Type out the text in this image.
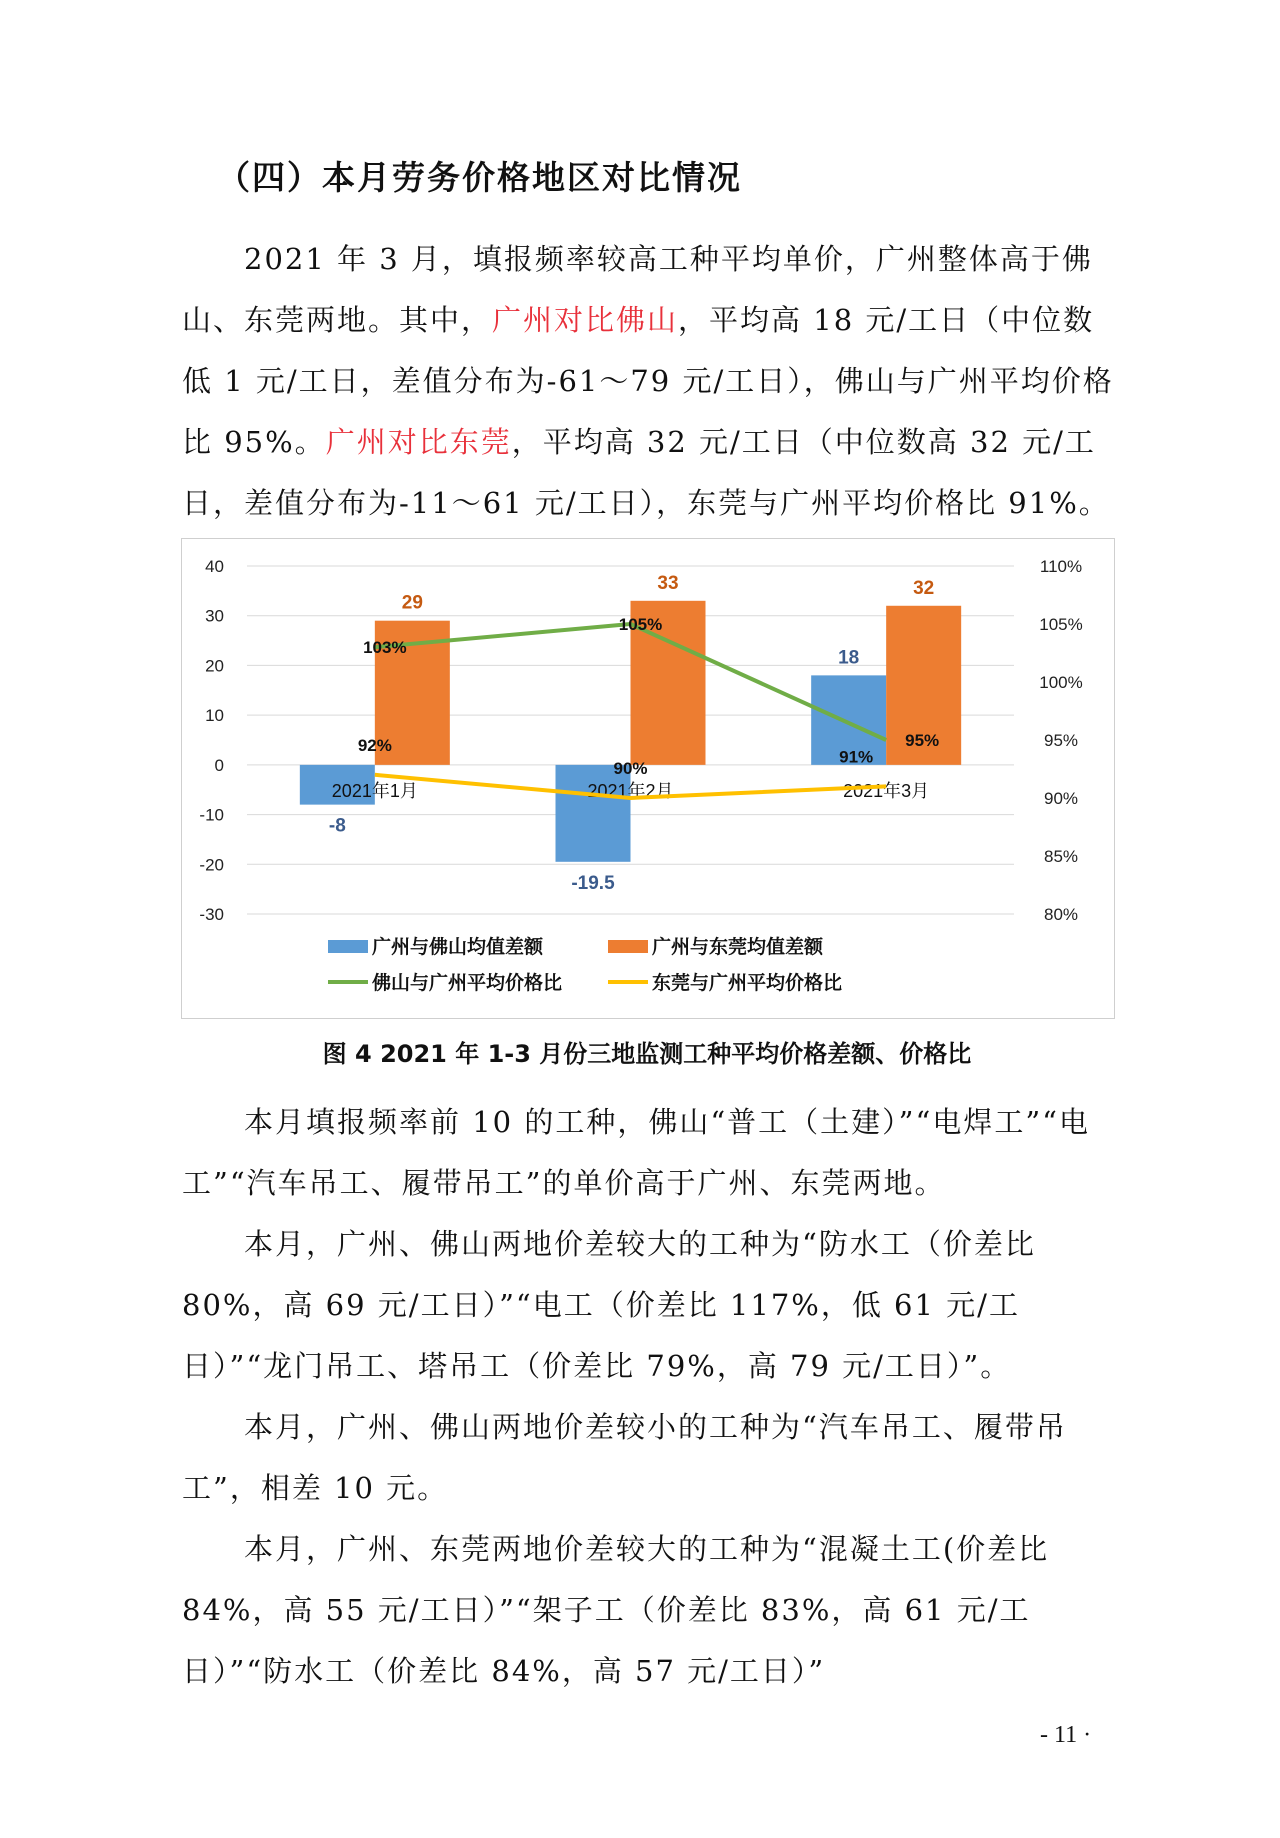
（四）本月劳务价格地区对比情况

2021 年 3 月，填报频率较高工种平均单价，广州整体高于佛山、东莞两地。其中，广州对比佛山，平均高 18 元/工日（中位数低 1 元/工日，差值分布为-61～79 元/工日），佛山与广州平均价格比 95%。广州对比东莞，平均高 32 元/工日（中位数高 32 元/工日，差值分布为-11～61 元/工日），东莞与广州平均价格比 91%。

40
30
20
10
0
-10
-20
-30
110%
105%
100%
95%
90%
85%
80%
2021年1月	2021年2月	2021年3月
-8
-19.5
18
29
33	32
103%
105%
95%
92%
90%
91%
广州与佛山均值差额	广州与东莞均值差额
佛山与广州平均价格比	东莞与广州平均价格比
图 4 2021 年 1-3 月份三地监测工种平均价格差额、价格比

本月填报频率前 10 的工种，佛山“普工（土建）”“电焊工”“电工”“汽车吊工、履带吊工”的单价高于广州、东莞两地。

本月，广州、佛山两地价差较大的工种为“防水工（价差比 80%，高 69 元/工日）”“电工（价差比 117%，低 61 元/工日）”“龙门吊工、塔吊工（价差比 79%，高 79 元/工日）”。

本月，广州、佛山两地价差较小的工种为“汽车吊工、履带吊工”，相差 10 元。

本月，广州、东莞两地价差较大的工种为“混凝土工(价差比 84%，高 55 元/工日）”“架子工（价差比 83%，高 61 元/工日）”“防水工（价差比 84%，高 57 元/工日）”

- 11 ·
